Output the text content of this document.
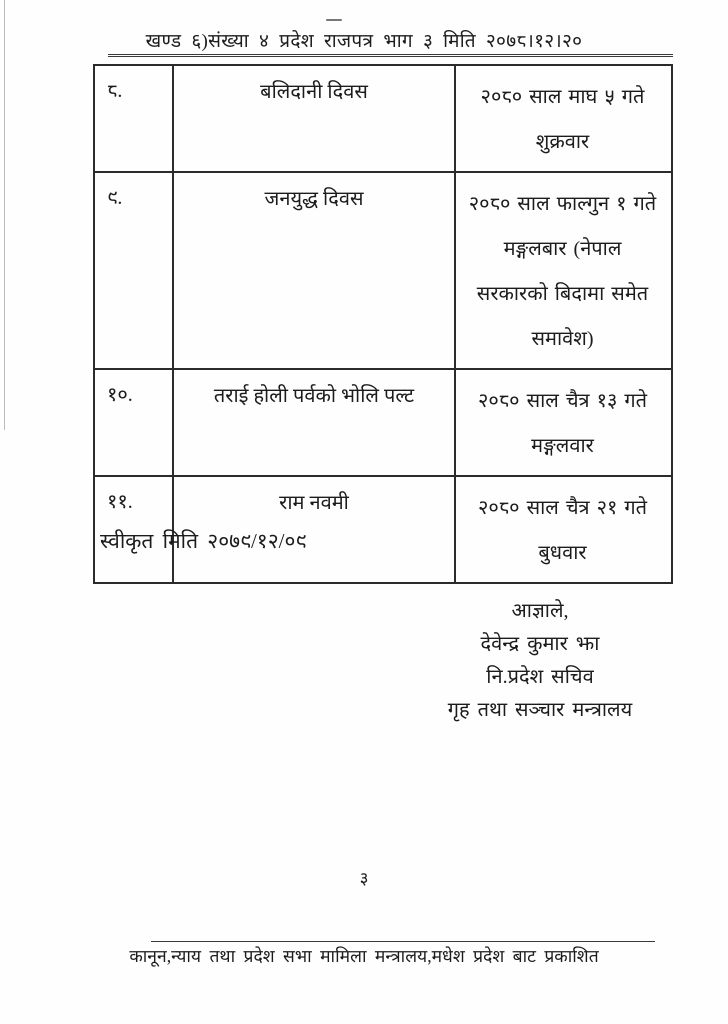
खण्ड ६)संख्या ४ प्रदेश राजपत्र भाग ३ मिति २०७८।१२।२०
८.	बलिदानी दिवस	२०८० साल माघ ५ गते शुक्रवार
९.	जनयुद्ध दिवस	२०८० साल फाल्गुन १ गते मङ्गलबार (नेपाल सरकारको बिदामा समेत समावेश)
१०.	तराई होली पर्वको भोलि पल्ट	२०८० साल चैत्र १३ गते मङ्गलवार
११.	राम नवमी	२०८० साल चैत्र २१ गते बुधवार
स्वीकृत मिति २०७९/१२/०९
आज्ञाले,
देवेन्द्र कुमार झा
नि.प्रदेश सचिव
गृह तथा सञ्चार मन्त्रालय
३
कानून,न्याय तथा प्रदेश सभा मामिला मन्त्रालय,मधेश प्रदेश बाट प्रकाशित
